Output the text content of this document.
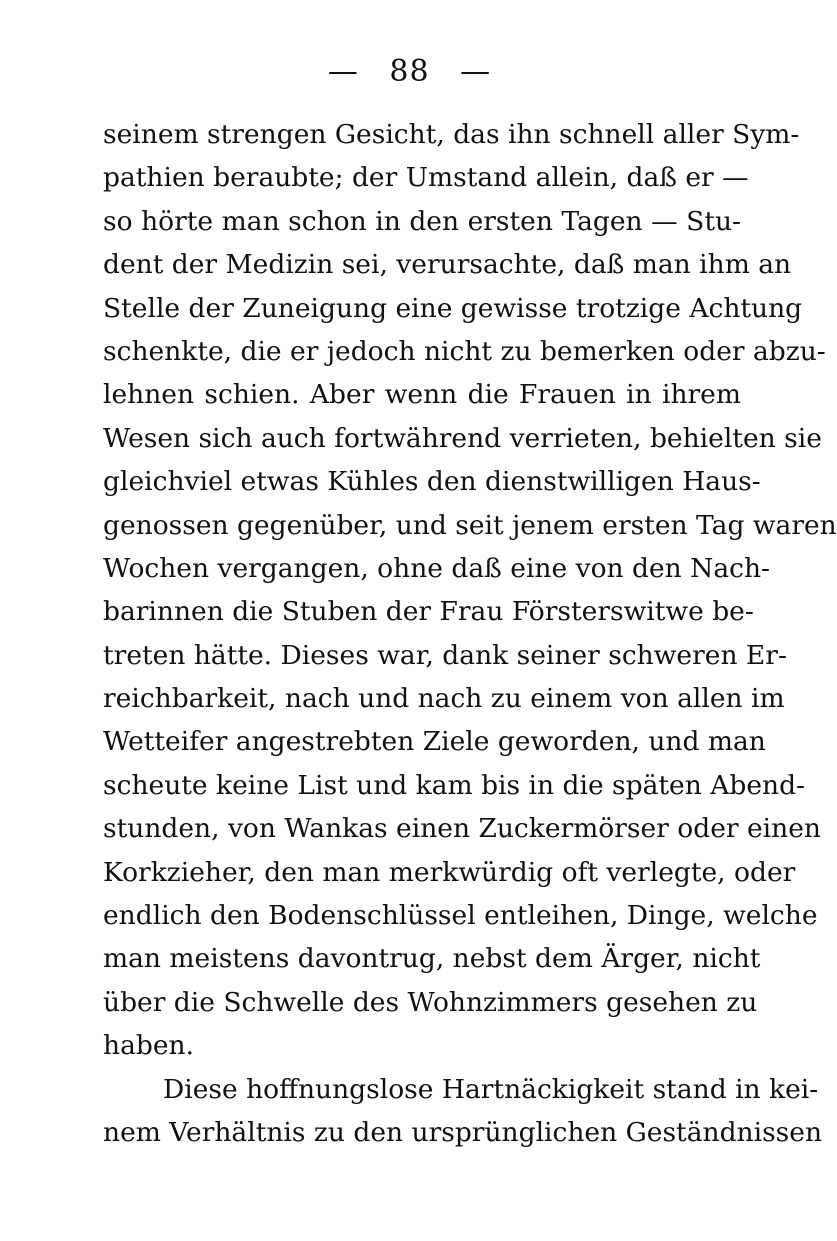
— 88 —
seinem strengen Gesicht, das ihn schnell aller Sym-
pathien beraubte; der Umstand allein, daß er —
so hörte man schon in den ersten Tagen — Stu-
dent der Medizin sei, verursachte, daß man ihm an
Stelle der Zuneigung eine gewisse trotzige Achtung
schenkte, die er jedoch nicht zu bemerken oder abzu-
lehnen schien. Aber wenn die Frauen in ihrem
Wesen sich auch fortwährend verrieten, behielten sie
gleichviel etwas Kühles den dienstwilligen Haus-
genossen gegenüber, und seit jenem ersten Tag waren
Wochen vergangen, ohne daß eine von den Nach-
barinnen die Stuben der Frau Försterswitwe be-
treten hätte. Dieses war, dank seiner schweren Er-
reichbarkeit, nach und nach zu einem von allen im
Wetteifer angestrebten Ziele geworden, und man
scheute keine List und kam bis in die späten Abend-
stunden, von Wankas einen Zuckermörser oder einen
Korkzieher, den man merkwürdig oft verlegte, oder
endlich den Bodenschlüssel entleihen, Dinge, welche
man meistens davontrug, nebst dem Ärger, nicht
über die Schwelle des Wohnzimmers gesehen zu
haben.
Diese hoffnungslose Hartnäckigkeit stand in kei-
nem Verhältnis zu den ursprünglichen Geständnissen
